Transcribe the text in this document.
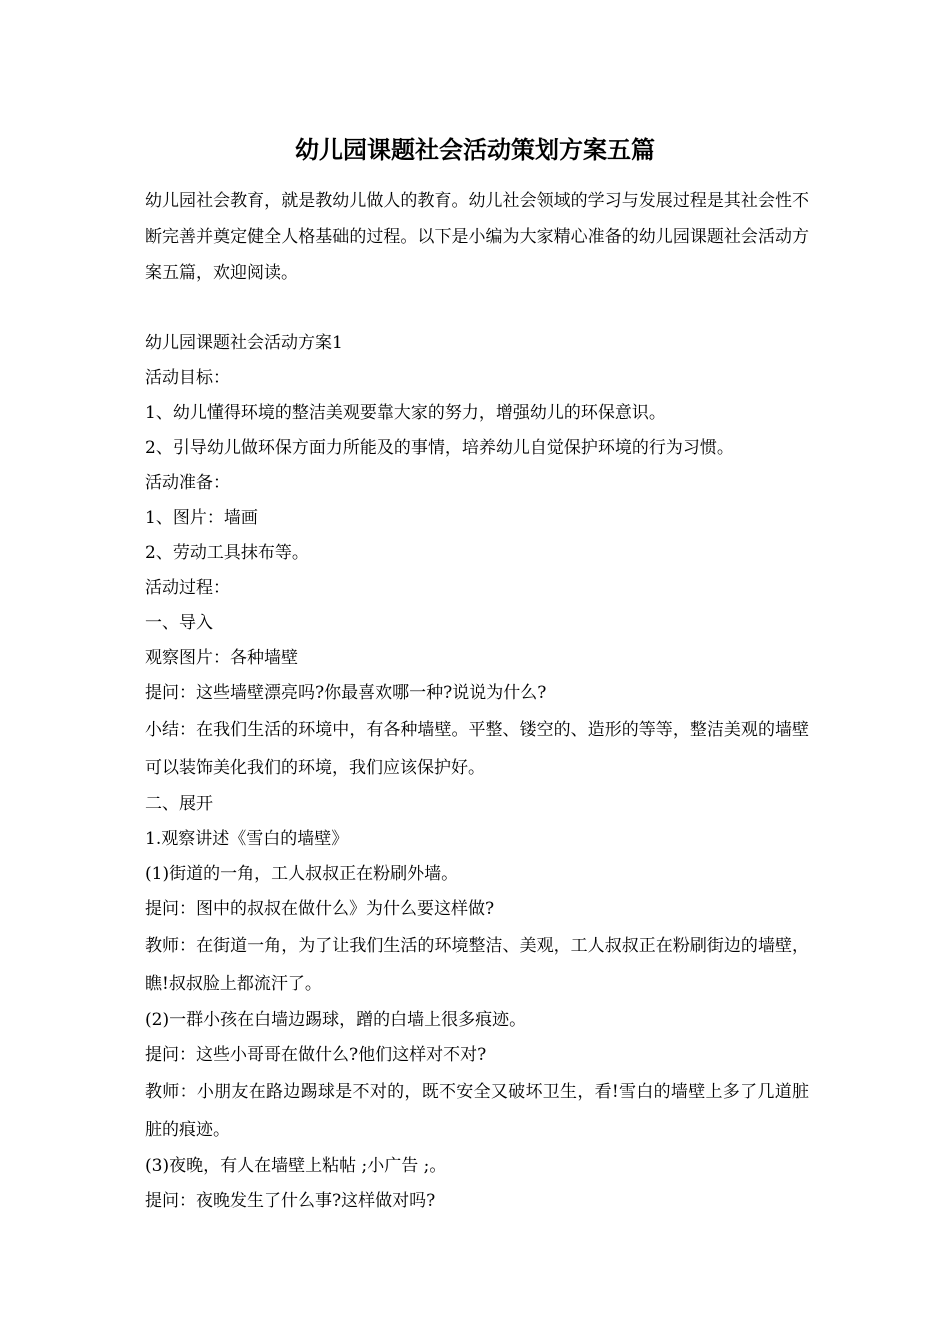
幼儿园课题社会活动策划方案五篇

幼儿园社会教育，就是教幼儿做人的教育。幼儿社会领域的学习与发展过程是其社会性不断完善并奠定健全人格基础的过程。以下是小编为大家精心准备的幼儿园课题社会活动方案五篇，欢迎阅读。

幼儿园课题社会活动方案1

活动目标：

1、幼儿懂得环境的整洁美观要靠大家的努力，增强幼儿的环保意识。

2、引导幼儿做环保方面力所能及的事情，培养幼儿自觉保护环境的行为习惯。

活动准备：

1、图片：墙画

2、劳动工具抹布等。

活动过程：

一、导入

观察图片：各种墙壁

提问：这些墙壁漂亮吗?你最喜欢哪一种?说说为什么?

小结：在我们生活的环境中，有各种墙壁。平整、镂空的、造形的等等，整洁美观的墙壁可以装饰美化我们的环境，我们应该保护好。

二、展开

1.观察讲述《雪白的墙壁》

(1)街道的一角，工人叔叔正在粉刷外墙。

提问：图中的叔叔在做什么》为什么要这样做?

教师：在街道一角，为了让我们生活的环境整洁、美观，工人叔叔正在粉刷街边的墙壁，瞧!叔叔脸上都流汗了。

(2)一群小孩在白墙边踢球，蹭的白墙上很多痕迹。

提问：这些小哥哥在做什么?他们这样对不对?

教师：小朋友在路边踢球是不对的，既不安全又破坏卫生，看!雪白的墙壁上多了几道脏脏的痕迹。

(3)夜晚，有人在墙壁上粘帖 ;小广告 ;。

提问：夜晚发生了什么事?这样做对吗?
